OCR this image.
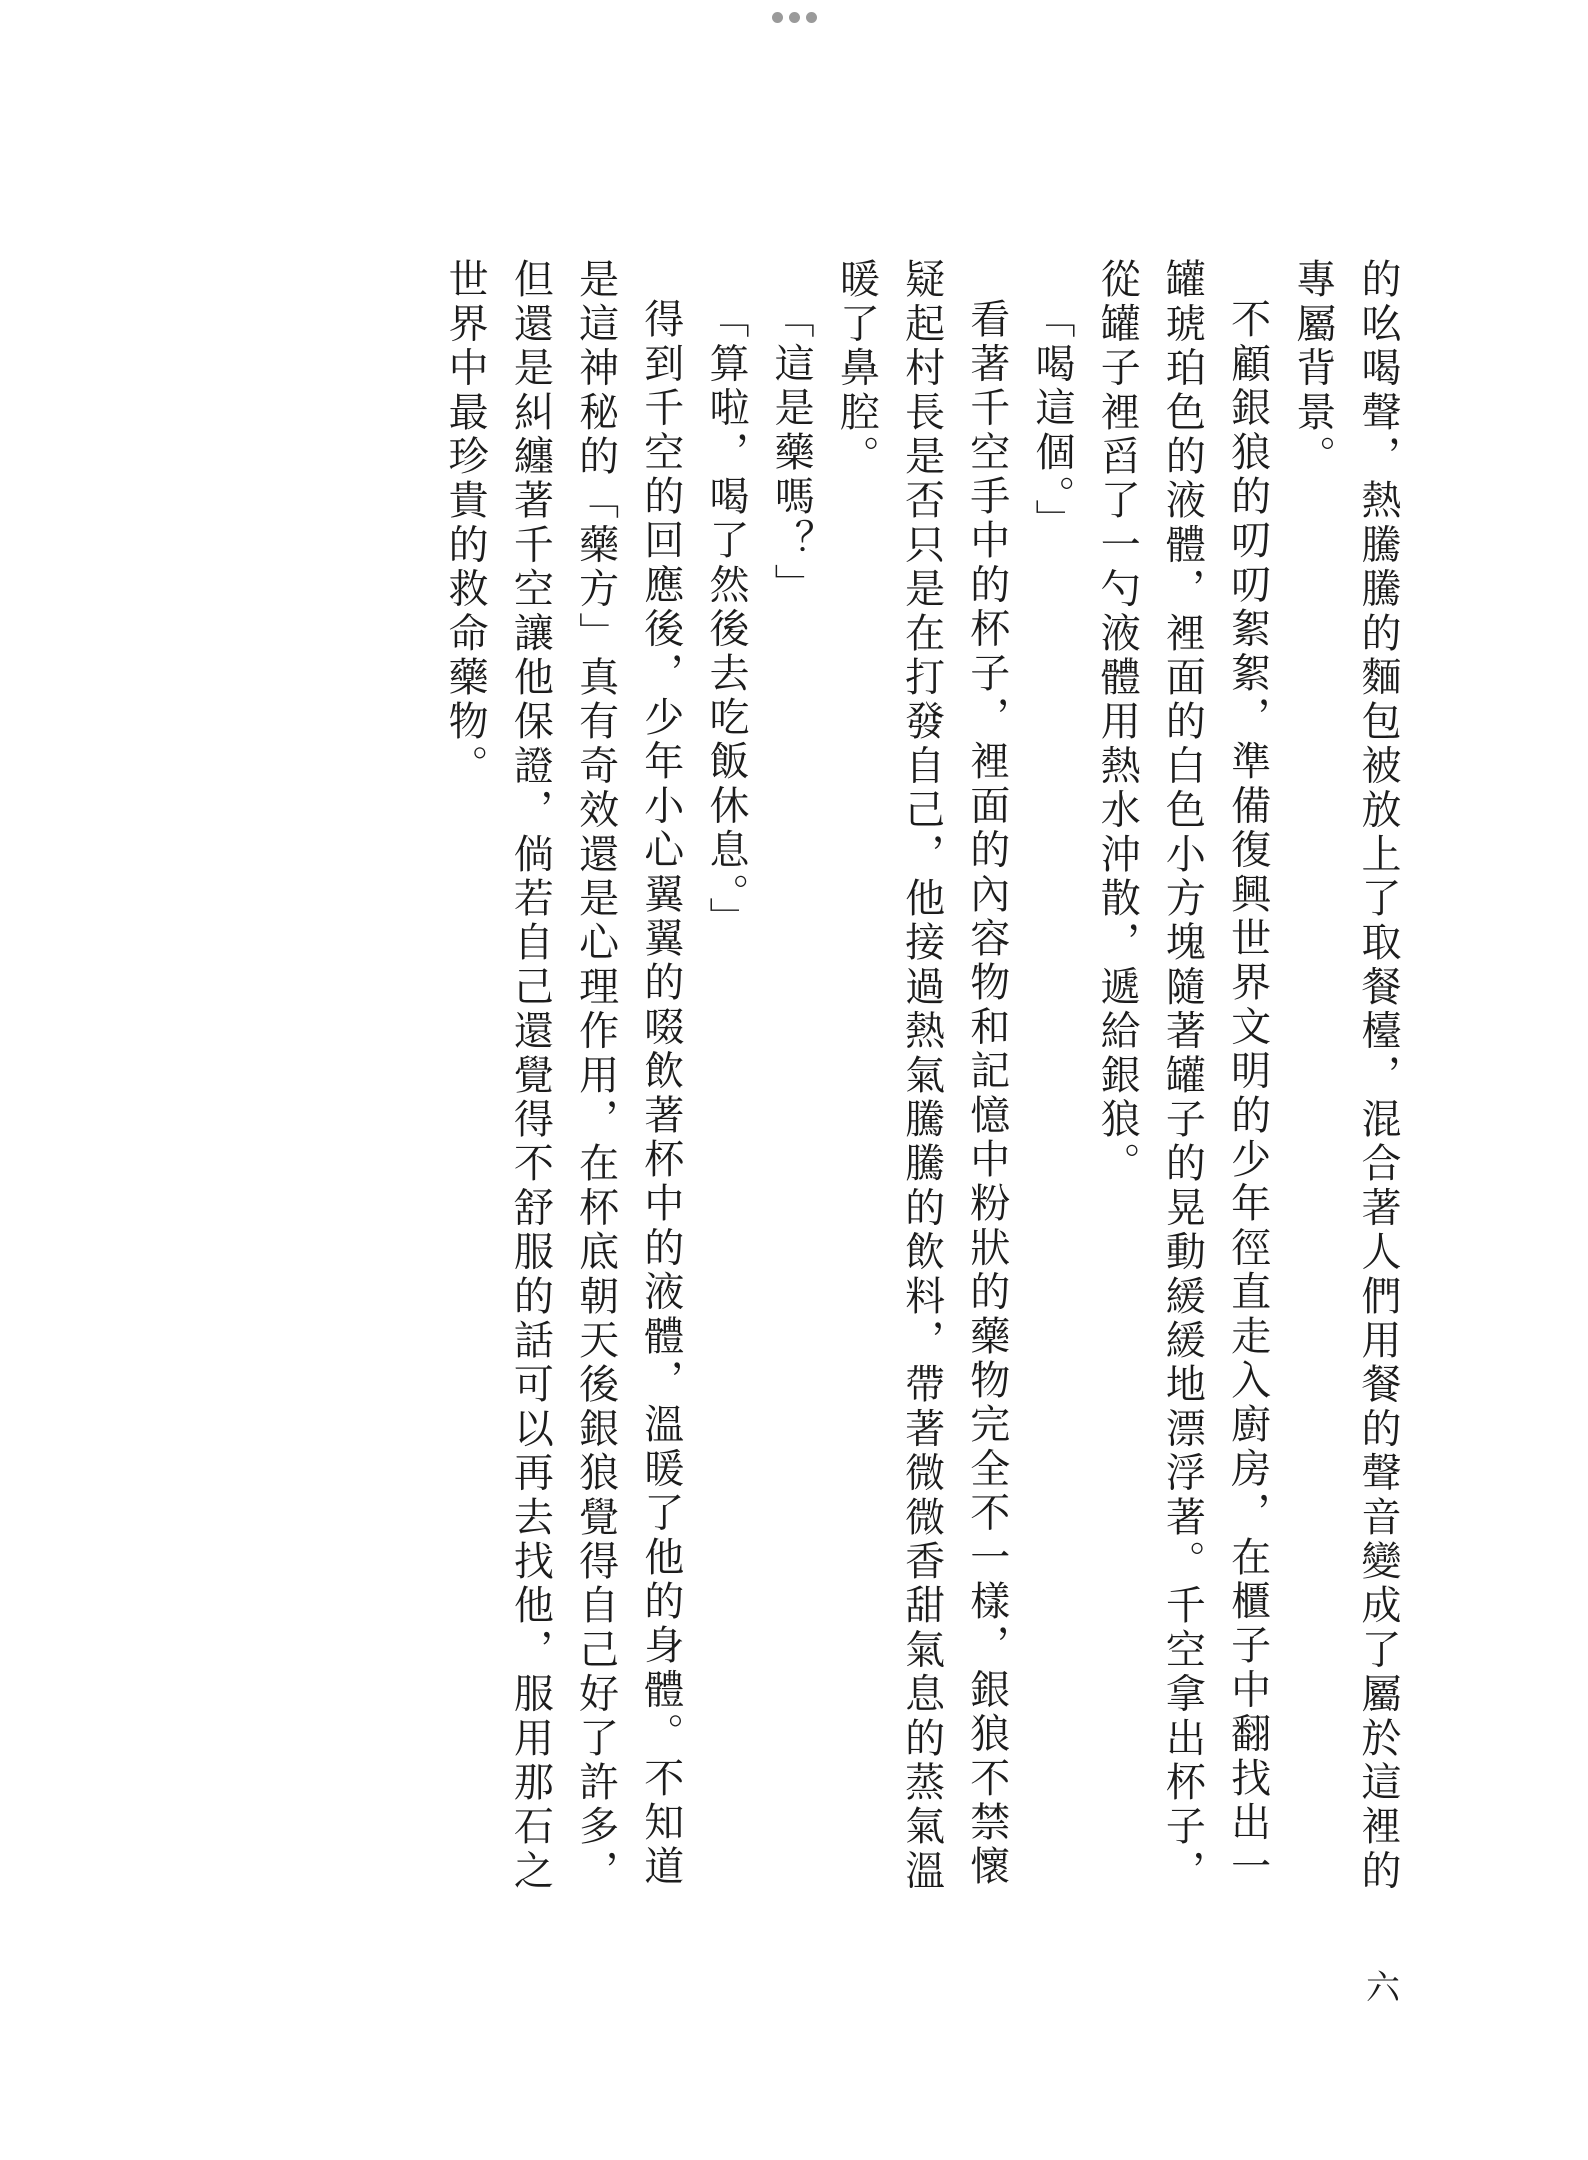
的吆喝聲，熱騰騰的麵包被放上了取餐檯，混合著人們用餐的聲音變成了屬於這裡的專屬背景。

不顧銀狼的叨叨絮絮，準備復興世界文明的少年徑直走入廚房，在櫃子中翻找出一罐琥珀色的液體，裡面的白色小方塊隨著罐子的晃動緩緩地漂浮著。千空拿出杯子，從罐子裡舀了一勺液體用熱水沖散，遞給銀狼。

「喝這個。」

看著千空手中的杯子，裡面的內容物和記憶中粉狀的藥物完全不一樣，銀狼不禁懷疑起村長是否只是在打發自己，他接過熱氣騰騰的飲料，帶著微微香甜氣息的蒸氣溫暖了鼻腔。

「這是藥嗎？」

「算啦，喝了然後去吃飯休息。」

得到千空的回應後，少年小心翼翼的啜飲著杯中的液體，溫暖了他的身體。不知道是這神秘的「藥方」真有奇效還是心理作用，在杯底朝天後銀狼覺得自己好了許多，但還是糾纏著千空讓他保證，倘若自己還覺得不舒服的話可以再去找他，服用那石之世界中最珍貴的救命藥物。

六
